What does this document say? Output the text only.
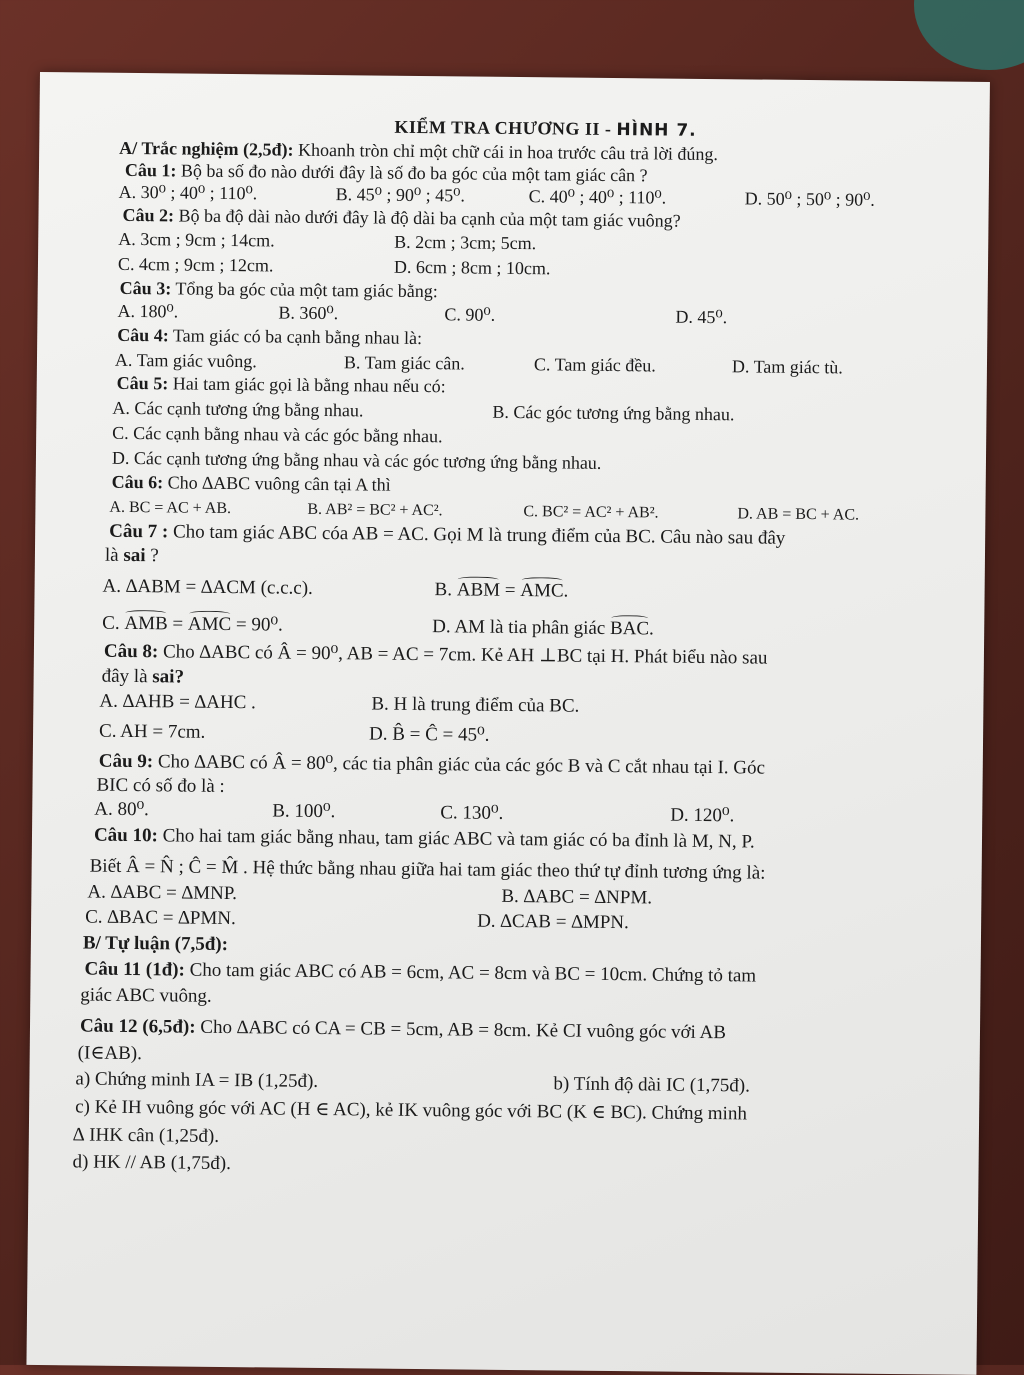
KIỂM TRA CHƯƠNG II - HÌNH 7.
A/ Trắc nghiệm (2,5đ): Khoanh tròn chỉ một chữ cái in hoa trước câu trả lời đúng.
Câu 1: Bộ ba số đo nào dưới đây là số đo ba góc của một tam giác cân ?
A. 30⁰ ; 40⁰ ; 110⁰.	B. 45⁰ ; 90⁰ ; 45⁰.	C. 40⁰ ; 40⁰ ; 110⁰.	D. 50⁰ ; 50⁰ ; 90⁰.
Câu 2: Bộ ba độ dài nào dưới đây là độ dài ba cạnh của một tam giác vuông?
A. 3cm ; 9cm ; 14cm.	B. 2cm ; 3cm; 5cm.
C. 4cm ; 9cm ; 12cm.	D. 6cm ; 8cm ; 10cm.
Câu 3: Tổng ba góc của một tam giác bằng:
A. 180⁰.	B. 360⁰.	C. 90⁰.	D. 45⁰.
Câu 4: Tam giác có ba cạnh bằng nhau là:
A. Tam giác vuông.	B. Tam giác cân.	C. Tam giác đều.	D. Tam giác tù.
Câu 5: Hai tam giác gọi là bằng nhau nếu có:
A. Các cạnh tương ứng bằng nhau.	B. Các góc tương ứng bằng nhau.
C. Các cạnh bằng nhau và các góc bằng nhau.
D. Các cạnh tương ứng bằng nhau và các góc tương ứng bằng nhau.
Câu 6: Cho ∆ABC vuông cân tại A thì
A. BC = AC + AB.	B. AB² = BC² + AC².	C. BC² = AC² + AB².	D. AB = BC + AC.
Câu 7 : Cho tam giác ABC cóa AB = AC. Gọi M là trung điểm của BC. Câu nào sau đây
là sai ?
A. ∆ABM = ∆ACM (c.c.c).	B. ABM = AMC.
C. AMB = AMC = 90⁰.	D. AM là tia phân giác BAC.
Câu 8: Cho ∆ABC có Â = 90⁰, AB = AC = 7cm. Kẻ AH ⊥BC tại H. Phát biểu nào sau
đây là sai?
A. ∆AHB = ∆AHC .	B. H là trung điểm của BC.
C. AH = 7cm.	D. B̂ = Ĉ = 45⁰.
Câu 9: Cho ∆ABC có Â = 80⁰, các tia phân giác của các góc B và C cắt nhau tại I. Góc
BIC có số đo là :
A. 80⁰.	B. 100⁰.	C. 130⁰.	D. 120⁰.
Câu 10: Cho hai tam giác bằng nhau, tam giác ABC và tam giác có ba đỉnh là M, N, P.
Biết Â = N̂ ; Ĉ = M̂ . Hệ thức bằng nhau giữa hai tam giác theo thứ tự đỉnh tương ứng là:
A. ∆ABC = ∆MNP.	B. ∆ABC = ∆NPM.
C. ∆BAC = ∆PMN.	D. ∆CAB = ∆MPN.
B/ Tự luận (7,5đ):
Câu 11 (1đ): Cho tam giác ABC có AB = 6cm, AC = 8cm và BC = 10cm. Chứng tỏ tam
giác ABC vuông.
Câu 12 (6,5đ): Cho ∆ABC có CA = CB = 5cm, AB = 8cm. Kẻ CI vuông góc với AB
(I∈AB).
a) Chứng minh IA = IB (1,25đ).	b) Tính độ dài IC (1,75đ).
c) Kẻ IH vuông góc với AC (H ∈ AC), kẻ IK vuông góc với BC (K ∈ BC). Chứng minh
∆ IHK cân (1,25đ).
d) HK // AB (1,75đ).
